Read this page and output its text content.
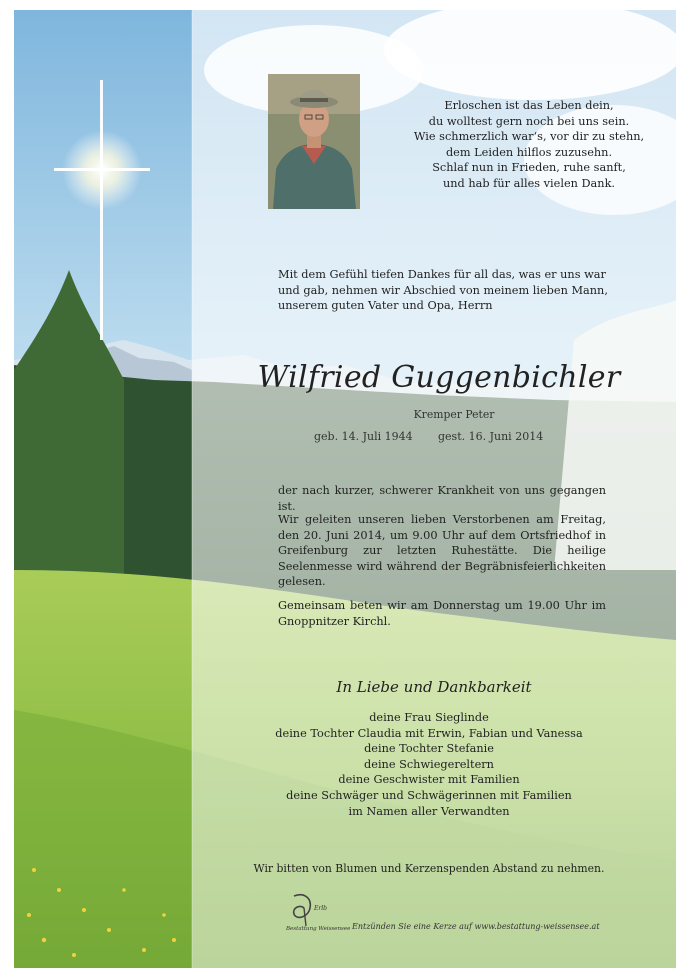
Erloschen ist das Leben dein,
du wolltest gern noch bei uns sein.
Wie schmerzlich war‘s, vor dir zu stehn,
dem Leiden hilflos zuzusehn.
Schlaf nun in Frieden, ruhe sanft,
und hab für alles vielen Dank.
Mit dem Gefühl tiefen Dankes für all das, was er uns war und gab, nehmen wir Abschied von meinem lieben Mann, unserem guten Vater und Opa, Herrn
Wilfried Guggenbichler
Kremper Peter
geb. 14. Juli 1944 gest. 16. Juni 2014
der nach kurzer, schwerer Krankheit von uns gegangen ist.
Wir geleiten unseren lieben Verstorbenen am Freitag, den 20. Juni 2014, um 9.00 Uhr auf dem Ortsfriedhof in Greifenburg zur letzten Ruhestätte. Die heilige Seelenmesse wird während der Begräbnisfeierlichkeiten gelesen.
Gemeinsam beten wir am Donnerstag um 19.00 Uhr im Gnoppnitzer Kirchl.
In Liebe und Dankbarkeit
deine Frau Sieglinde
deine Tochter Claudia mit Erwin, Fabian und Vanessa
deine Tochter Stefanie
deine Schwiegereltern
deine Geschwister mit Familien
deine Schwäger und Schwägerinnen mit Familien
im Namen aller Verwandten
Wir bitten von Blumen und Kerzenspenden Abstand zu nehmen.
Erlb
Bestattung Weissensee Entzünden Sie eine Kerze auf www.bestattung-weissensee.at
